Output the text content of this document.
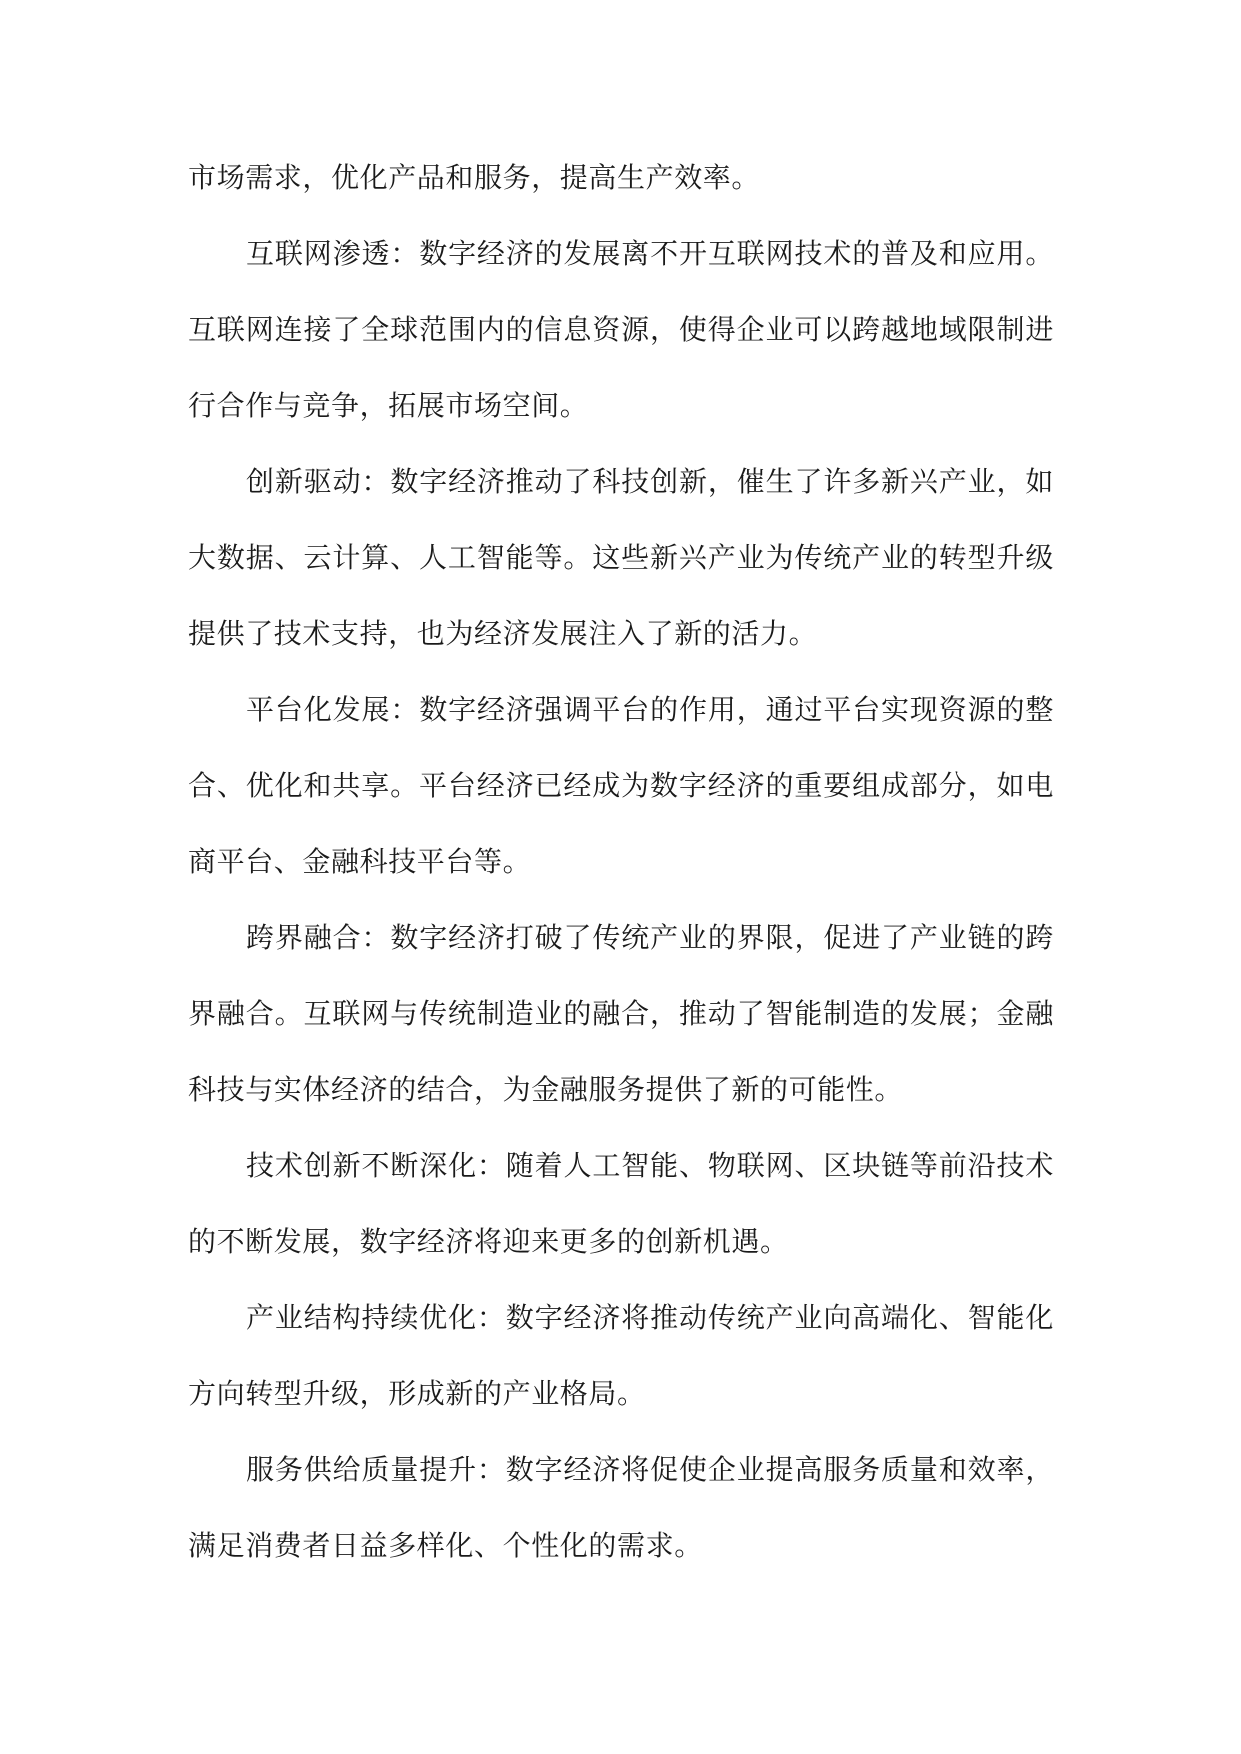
市场需求，优化产品和服务，提高生产效率。

互联网渗透：数字经济的发展离不开互联网技术的普及和应用。互联网连接了全球范围内的信息资源，使得企业可以跨越地域限制进行合作与竞争，拓展市场空间。

创新驱动：数字经济推动了科技创新，催生了许多新兴产业，如大数据、云计算、人工智能等。这些新兴产业为传统产业的转型升级提供了技术支持，也为经济发展注入了新的活力。

平台化发展：数字经济强调平台的作用，通过平台实现资源的整合、优化和共享。平台经济已经成为数字经济的重要组成部分，如电商平台、金融科技平台等。

跨界融合：数字经济打破了传统产业的界限，促进了产业链的跨界融合。互联网与传统制造业的融合，推动了智能制造的发展；金融科技与实体经济的结合，为金融服务提供了新的可能性。

技术创新不断深化：随着人工智能、物联网、区块链等前沿技术的不断发展，数字经济将迎来更多的创新机遇。

产业结构持续优化：数字经济将推动传统产业向高端化、智能化方向转型升级，形成新的产业格局。

服务供给质量提升：数字经济将促使企业提高服务质量和效率，满足消费者日益多样化、个性化的需求。
